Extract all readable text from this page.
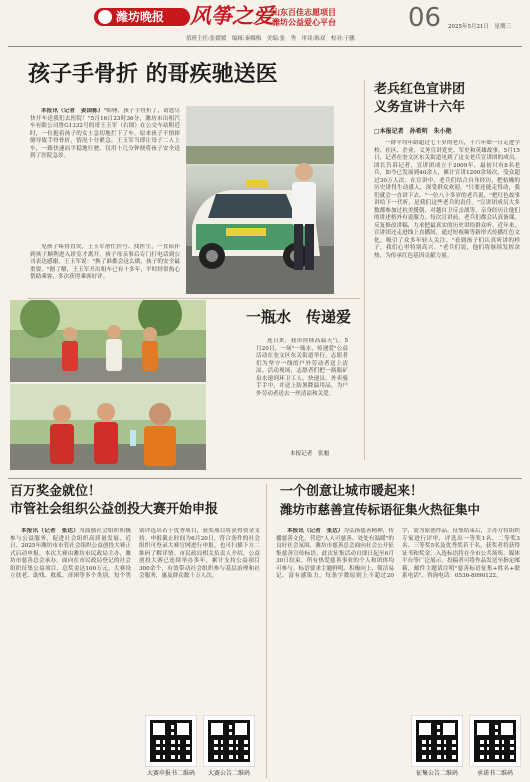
潍坊晚报 风筝之爱
山东百佳志愿项目
潍坊公益爱心平台	06 2025年5月21日　星期三
值班主任:张媛媛　编辑:秦娜梅　美编:张　秀　审读:陈双　校对:于鹏
孩子手骨折 的哥疾驰送医

本报讯（记者　姜国栋）"师傅，孩子手骨折了，请您尽快开车送我们去医院！"5月16日23时36分，潍坊市出租汽车有限公司鲁G1332号的哥王玉军（右图）在公交车站附近时，一位抱着孩子的女士急切地拦下了车。原来孩子不慎摔倒导致手骨骨折，情况十分紧急。王玉军当即让母子二人上车，一路快速而平稳地行驶，仅用十几分钟便将孩子安全送到了医院急诊。

见孩子疼得直哭，王玉军帮忙挂号、找医生，一直陪伴到孩子顺利进入诊室才离开。孩子母亲事后专门打电话到公司表达感谢。王玉军说："换了谁都会这么做，孩子的安全最重要。"据了解，王玉军开出租车已有十多年，平时经常热心帮助乘客，多次获得乘客好评。

老兵红色宣讲团
义务宣讲十六年
□本报记者　孙希明　朱小艳

一群平均年龄超过七十岁的老兵，十六年如一日走进学校、社区、企业，义务宣讲党史、军史和英雄故事。5月15日，记者在奎文区东关街道见到了这支老兵宣讲团的成员。团长告诉记者，宣讲团成立于2009年，最初只有8名老兵，如今已发展到40余人，累计宣讲1200余场次，受众超过30万人次。在宣讲中，老兵们结合自身经历，把枯燥的历史讲得生动感人，深受群众欢迎。"只要还能走得动，我们就会一直讲下去。"一位八十多岁的老兵说，"把红色故事讲给下一代听，是我们这些老兵的责任。"宣讲团成员大多数都参加过抗美援朝、对越自卫反击战等，亲身经历让他们的讲述格外有说服力。每次宣讲前，老兵们都会认真备课，反复修改讲稿，力求把最真实的历史讲给群众听。近年来，宣讲团还走进线上直播间，通过短视频等新形式传播红色文化，吸引了众多年轻人关注。"看到孩子们认真听讲的样子，我们心里特别高兴。"老兵们说，他们将继续发挥余热，为传承红色基因贡献力量。

一瓶水　传递爱

连日来，我市持续高温天气。5月20日，一场"一瓶水，传递爱"公益活动在奎文区东关街道举行，志愿者们为坚守一线的户外劳动者送上清凉。活动现场，志愿者们把一瓶瓶矿泉水递到环卫工人、快递员、外卖骑手手中，并送上防暑降温用品，为户外劳动者送去一丝清凉和关爱。

本报记者　张魁
百万奖金就位！
市管社会组织公益创投大赛开始申报

本报讯（记者　张达）为鼓励社会组织积极参与公益服务，促进社会组织高质量发展，近日，2025年潍坊市市管社会组织公益创投大赛正式启动申报。本次大赛由潍坊市民政局主办，潍坊市慈善总会承办，面向在市民政局登记的社会组织征集公益项目，总奖金达100万元。大赛设立扶老、助残、救孤、济困等多个类别，每个类别评选出若干优秀项目，获奖项目将获得资金支持。申报截止时间为6月20日，符合条件的社会组织可登录大赛官网进行申报，也可扫描下方二维码了解详情。市民政局相关负责人介绍，公益创投大赛已连续举办多年，累计支持公益项目300余个，有效带动社会组织参与基层治理和社会服务，惠及群众数十万人次。

大赛申报书二维码	大赛公告二维码
一个创意让城市暖起来！
潍坊市慈善宣传标语征集火热征集中

本报讯（记者　张达）为弘扬慈善精神，传播慈善文化，营造"人人可慈善、处处有温暖"的良好社会氛围，潍坊市慈善总会面向社会公开征集慈善宣传标语。此次征集活动自即日起至6月30日结束，所有热爱慈善事业的个人和团体均可参与。标语要求主题鲜明、积极向上、简洁易记、富有感染力，每条字数原则上不超过20字，需为原创作品。征集结束后，主办方将组织专家进行评审，评选出一等奖1名、二等奖3名、三等奖5名及优秀奖若干名，获奖者将获得证书和奖金。入选标语将在全市公共场所、媒体平台等广泛展示。投稿者可将作品发送至指定邮箱，邮件主题请注明"慈善标语征集+姓名+联系电话"。咨询电话：0536-8090122。

征集公告二维码	承诺书二维码
